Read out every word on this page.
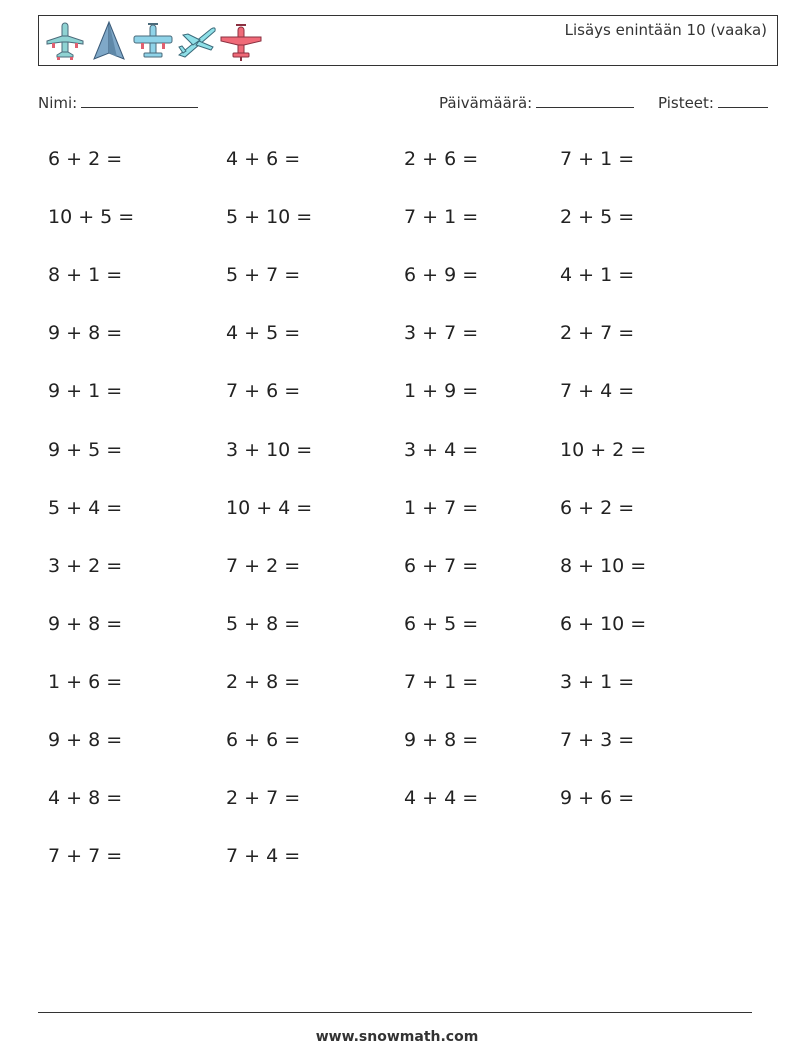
Lisäys enintään 10 (vaaka)
Nimi:	Päivämäärä:	Pisteet:
6 + 2 =	4 + 6 =	2 + 6 =	7 + 1 =
10 + 5 =	5 + 10 =	7 + 1 =	2 + 5 =
8 + 1 =	5 + 7 =	6 + 9 =	4 + 1 =
9 + 8 =	4 + 5 =	3 + 7 =	2 + 7 =
9 + 1 =	7 + 6 =	1 + 9 =	7 + 4 =
9 + 5 =	3 + 10 =	3 + 4 =	10 + 2 =
5 + 4 =	10 + 4 =	1 + 7 =	6 + 2 =
3 + 2 =	7 + 2 =	6 + 7 =	8 + 10 =
9 + 8 =	5 + 8 =	6 + 5 =	6 + 10 =
1 + 6 =	2 + 8 =	7 + 1 =	3 + 1 =
9 + 8 =	6 + 6 =	9 + 8 =	7 + 3 =
4 + 8 =	2 + 7 =	4 + 4 =	9 + 6 =
7 + 7 =	7 + 4 =
www.snowmath.com
